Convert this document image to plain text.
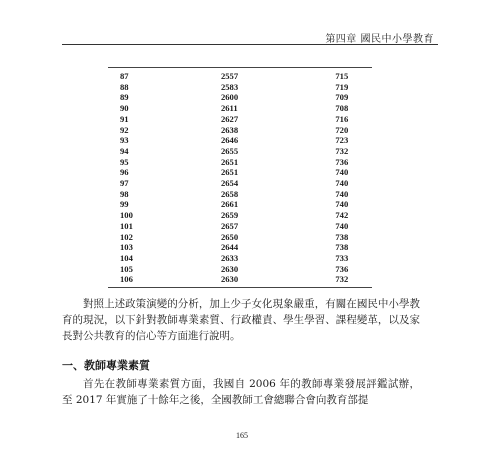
第四章 國民中小學教育
87	2557	715
88	2583	719
89	2600	709
90	2611	708
91	2627	716
92	2638	720
93	2646	723
94	2655	732
95	2651	736
96	2651	740
97	2654	740
98	2658	740
99	2661	740
100	2659	742
101	2657	740
102	2650	738
103	2644	738
104	2633	733
105	2630	736
106	2630	732

對照上述政策演變的分析，加上少子女化現象嚴重，有關在國民中小學教育的現況，以下針對教師專業素質、行政權責、學生學習、課程變革，以及家長對公共教育的信心等方面進行說明。

一、教師專業素質

首先在教師專業素質方面，我國自 2006 年的教師專業發展評鑑試辦，至 2017 年實施了十餘年之後，全國教師工會總聯合會向教育部提

165
